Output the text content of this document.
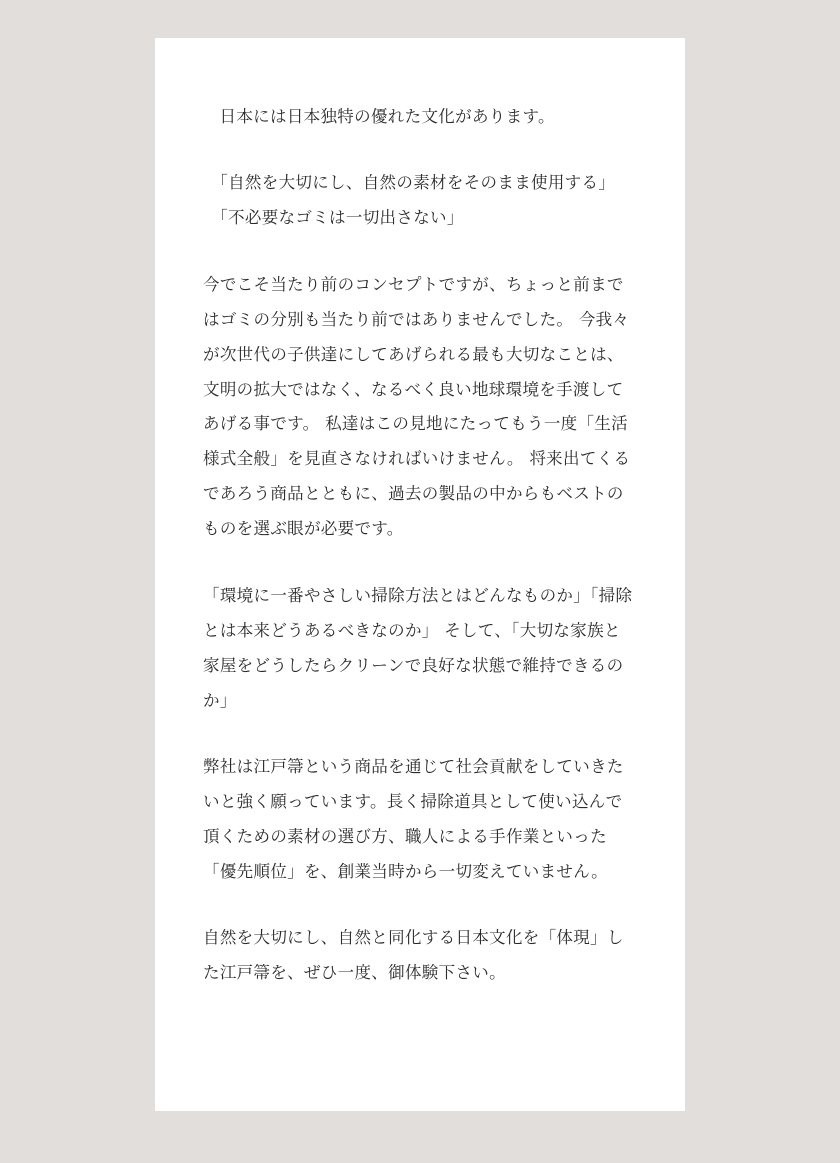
日本には日本独特の優れた文化があります。

「自然を大切にし、自然の素材をそのまま使用する」

「不必要なゴミは一切出さない」

今でこそ当たり前のコンセプトですが、ちょっと前まではゴミの分別も当たり前ではありませんでした。 今我々が次世代の子供達にしてあげられる最も大切なことは、文明の拡大ではなく、なるべく良い地球環境を手渡してあげる事です。 私達はこの見地にたってもう一度「生活様式全般」を見直さなければいけません。 将来出てくるであろう商品とともに、過去の製品の中からもベストのものを選ぶ眼が必要です。

「環境に一番やさしい掃除方法とはどんなものか」「掃除とは本来どうあるべきなのか」 そして、「大切な家族と家屋をどうしたらクリーンで良好な状態で維持できるのか」

弊社は江戸箒という商品を通じて社会貢献をしていきたいと強く願っています。長く掃除道具として使い込んで頂くための素材の選び方、職人による手作業といった「優先順位」を、創業当時から一切変えていません。

自然を大切にし、自然と同化する日本文化を「体現」した江戸箒を、ぜひ一度、御体験下さい。
